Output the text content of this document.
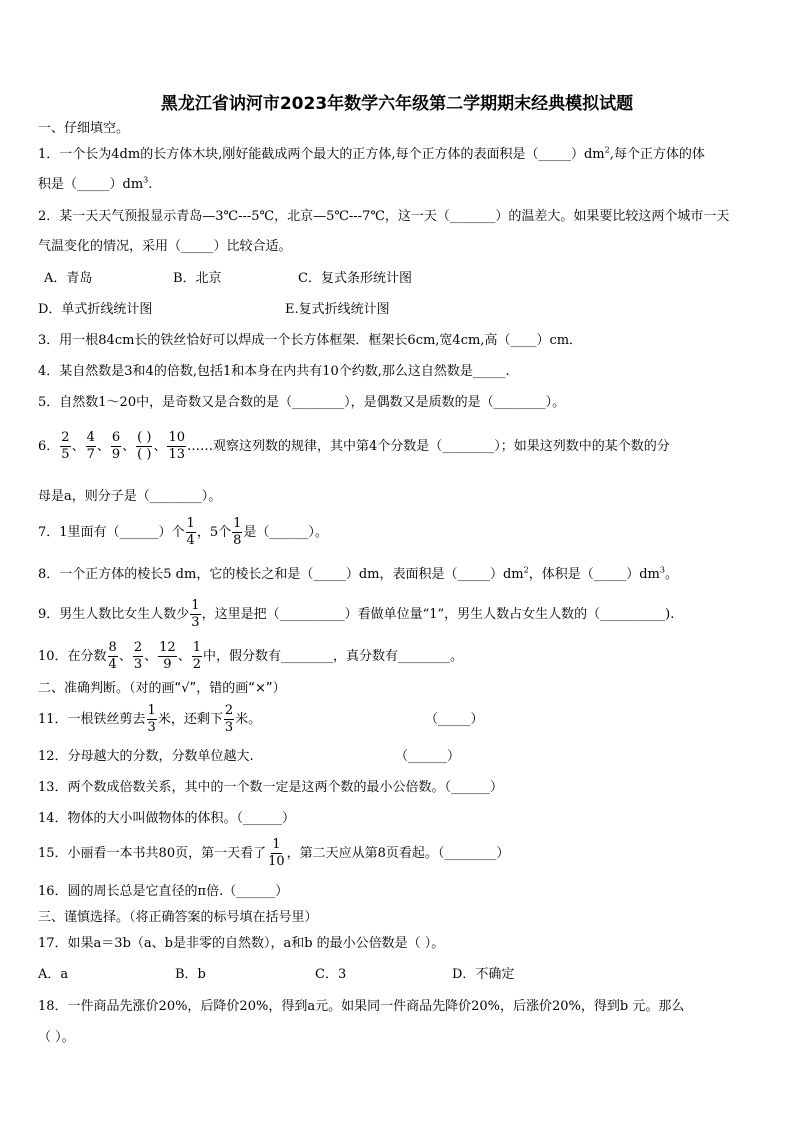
黑龙江省讷河市2023年数学六年级第二学期期末经典模拟试题
一、仔细填空。
1．一个长为4dm的长方体木块,刚好能截成两个最大的正方体,每个正方体的表面积是$(\_\_\_\_\_)dm^2$,每个正方体的体
积是$(\_\_\_\_\_)dm^3$.
2．某一天天气预报显示青岛—3℃---5℃，北京—5℃---7℃，这一天（_______）的温差大。如果要比较这两个城市一天
气温变化的情况，采用（_____）比较合适。
A．青岛	B．北京	C．复式条形统计图
D．单式折线统计图	E.复式折线统计图
3．用一根84cm长的铁丝恰好可以焊成一个长方体框架．框架长6cm,宽4cm,高（____）cm．
4．某自然数是3和4的倍数,包括1和本身在内共有10个约数,那么这自然数是_____.
5．自然数1～20中，是奇数又是合数的是（________），是偶数又是质数的是（________）。
6． $\frac{2}{5}$ 、 $\frac{4}{7}$ 、 $\frac{6}{9}$ 、
( )
( )
、 $\frac{10}{13}$ ……观察这列数的规律，其中第4个分数是（________）；如果这列数中的某个数的分
母是a，则分子是（________）。
7．1里面有（______）个 $\frac{1}{4}$ ，5个 $\frac{1}{8}$ 是（______）。
8．一个正方体的棱长5 dm，它的棱长之和是（_____）dm，表面积是$(\_\_\_\_\_)dm^2$，体积是$(\_\_\_\_\_)dm^3$。
9．男生人数比女生人数少 $\frac{1}{3}$ ，这里是把（__________）看做单位量“1”，男生人数占女生人数的（__________).
10．在分数 $\frac{8}{4}$ 、 $\frac{2}{3}$ 、 $\frac{12}{9}$ 、 $\frac{1}{2}$ 中，假分数有________，真分数有________。
二、准确判断。（对的画“√”，错的画“×”）
11．一根铁丝剪去 $\frac{1}{3}$ 米，还剩下 $\frac{2}{3}$ 米。	（_____）
12．分母越大的分数，分数单位越大.	（______）
13．两个数成倍数关系，其中的一个数一定是这两个数的最小公倍数。（______）
14．物体的大小叫做物体的体积。（______）
15．小丽看一本书共80页，第一天看了 $\frac{1}{10}$ ，第二天应从第8页看起。（________）
16．圆的周长总是它直径的π倍.（______）
三、谨慎选择。（将正确答案的标号填在括号里）
17．如果a＝3b（a、b是非零的自然数），a和b 的最小公倍数是（ ）。
A．a	B．b	C．3	D．不确定
18．一件商品先涨价20%，后降价20%，得到a元。如果同一件商品先降价20%，后涨价20%，得到b 元。那么
（ ）。
